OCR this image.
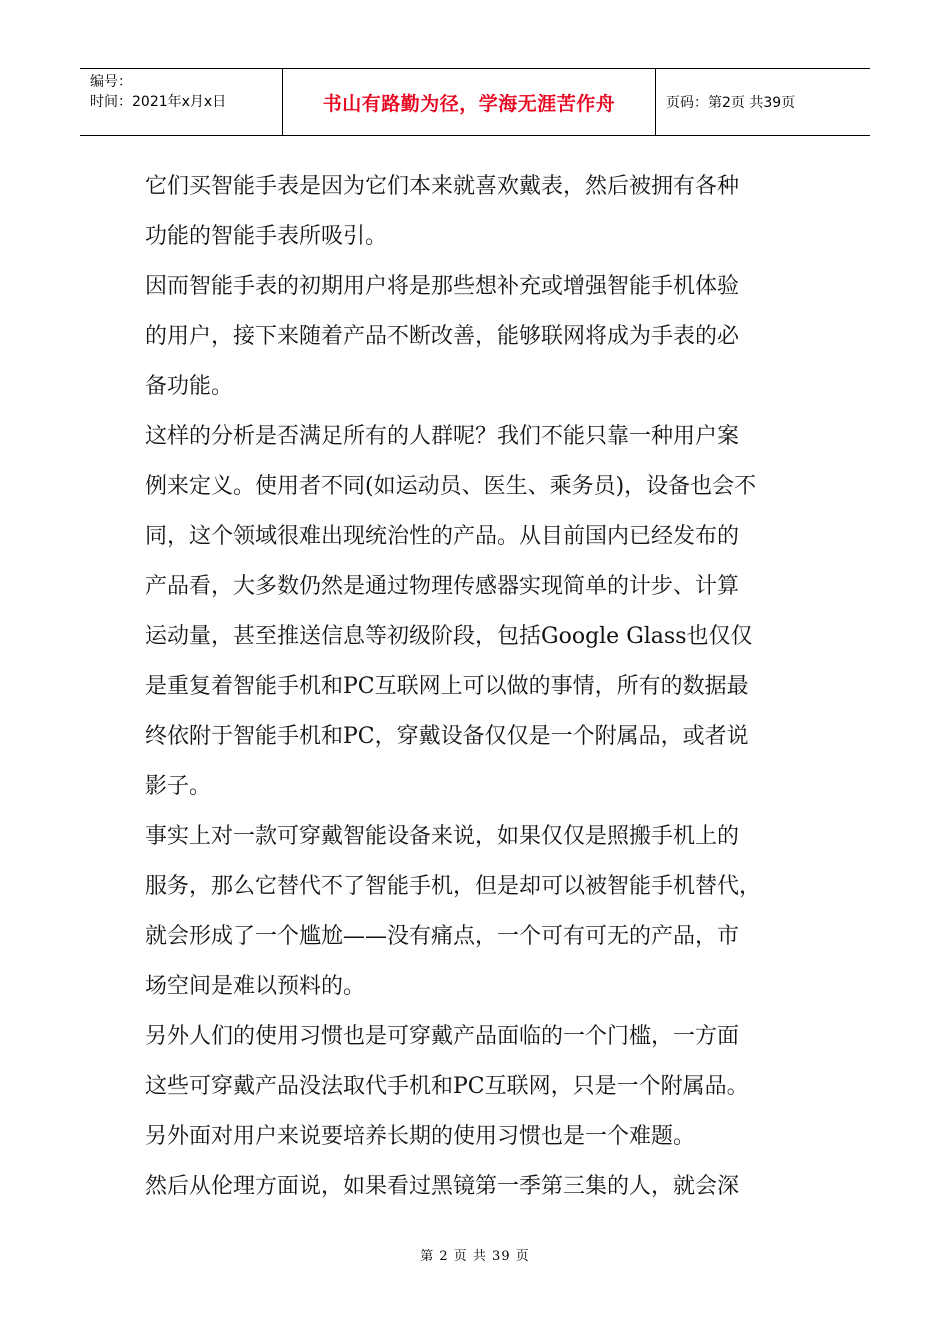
编号：
时间：2021年x月x日	书山有路勤为径，学海无涯苦作舟	页码：第2页 共39页

它们买智能手表是因为它们本来就喜欢戴表，然后被拥有各种

功能的智能手表所吸引。

因而智能手表的初期用户将是那些想补充或增强智能手机体验

的用户，接下来随着产品不断改善，能够联网将成为手表的必

备功能。

这样的分析是否满足所有的人群呢？我们不能只靠一种用户案

例来定义。使用者不同(如运动员、医生、乘务员)，设备也会不

同，这个领域很难出现统治性的产品。从目前国内已经发布的

产品看，大多数仍然是通过物理传感器实现简单的计步、计算

运动量，甚至推送信息等初级阶段，包括Google Glass也仅仅

是重复着智能手机和PC互联网上可以做的事情，所有的数据最

终依附于智能手机和PC，穿戴设备仅仅是一个附属品，或者说

影子。

事实上对一款可穿戴智能设备来说，如果仅仅是照搬手机上的

服务，那么它替代不了智能手机，但是却可以被智能手机替代，

就会形成了一个尴尬——没有痛点，一个可有可无的产品，市

场空间是难以预料的。

另外人们的使用习惯也是可穿戴产品面临的一个门槛，一方面

这些可穿戴产品没法取代手机和PC互联网，只是一个附属品。

另外面对用户来说要培养长期的使用习惯也是一个难题。

然后从伦理方面说，如果看过黑镜第一季第三集的人，就会深

第 2 页 共 39 页
